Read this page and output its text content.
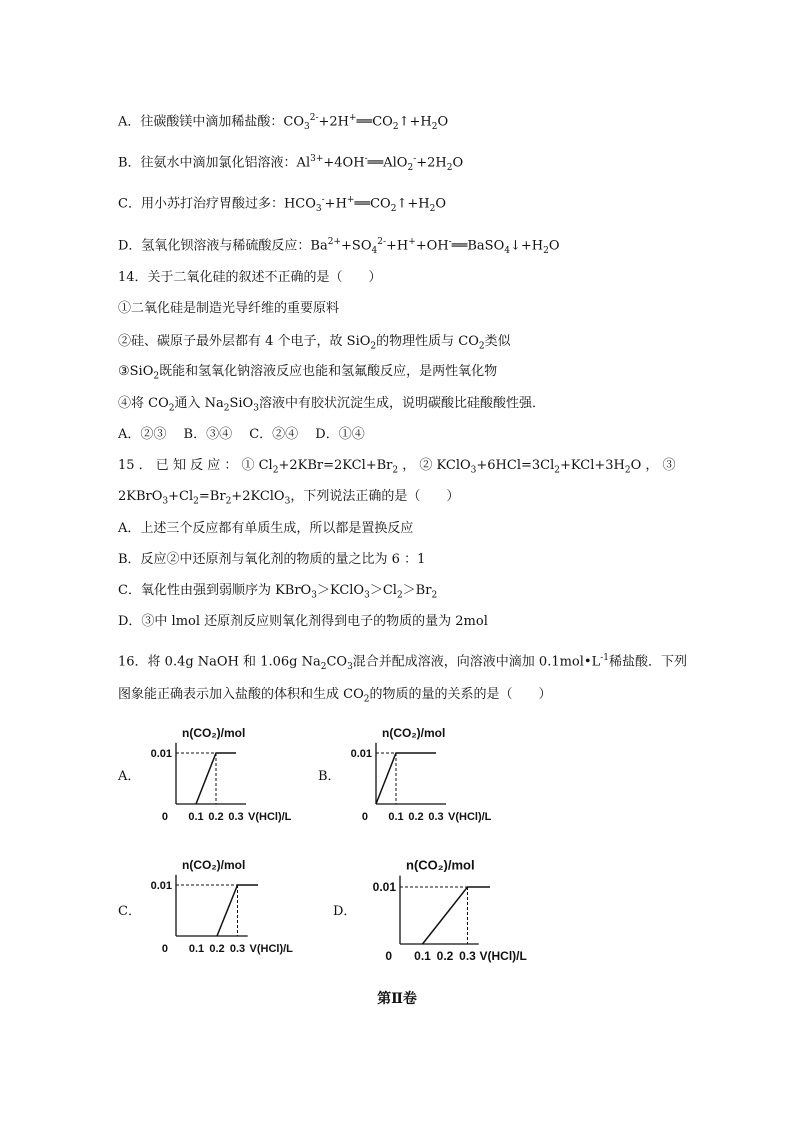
A．往碳酸镁中滴加稀盐酸：$CO_3^{2-}+2H^+══CO_2↑+H_2O$
B．往氨水中滴加氯化铝溶液：$Al^{3+}+4OH^-══AlO_2^-+2H_2O$
C．用小苏打治疗胃酸过多：$HCO_3^-+H^+══CO_2↑+H_2O$
D．氢氧化钡溶液与稀硫酸反应：$Ba^{2+}+SO_4^{2-}+H^++OH^-══BaSO_4↓+H_2O$
14．关于二氧化硅的叙述不正确的是（　　）
①二氧化硅是制造光导纤维的重要原料
②硅、碳原子最外层都有 4 个电子，故 SiO$_2$的物理性质与 $CO_2$类似
③SiO$_2$既能和氢氧化钠溶液反应也能和氢氟酸反应，是两性氧化物
④将 $CO_2$通入 $Na_2SiO_3$溶液中有胶状沉淀生成，说明碳酸比硅酸酸性强．
A．②③　 B．③④　 C．②④　 D．①④
15 ． 已 知 反 应 ： ① $Cl_2+2KBr=2KCl+Br_2$ ， ② $KClO_3+6HCl=3Cl_2+KCl+3H_2O$ ， ③
$2KBrO_3+Cl_2=Br_2+2KClO_3$，下列说法正确的是（　　）
A．上述三个反应都有单质生成，所以都是置换反应
B．反应②中还原剂与氧化剂的物质的量之比为 6 ：1
C．氧化性由强到弱顺序为 $KBrO_3>KClO_3>Cl_2>Br_2$
D．③中 lmol 还原剂反应则氧化剂得到电子的物质的量为 2mol
16．将 0.4g NaOH 和 1.06g $Na_2CO_3$混合并配成溶液，向溶液中滴加 $0.1mol•L^{-1}$稀盐酸．下列
图象能正确表示加入盐酸的体积和生成 $CO_2$的物质的量的关系的是（　　）
A．	B．
C．	D．
n(CO₂)/mol
0.01
0 0.1 0.2 0.3 V(HCl)/L
n(CO₂)/mol
0.01
0 0.1 0.2 0.3 V(HCl)/L
n(CO₂)/mol
0.01
0 0.1 0.2 0.3 V(HCl)/L
n(CO₂)/mol
0.01
0 0.1 0.2 0.3 V(HCl)/L
第Ⅱ卷
